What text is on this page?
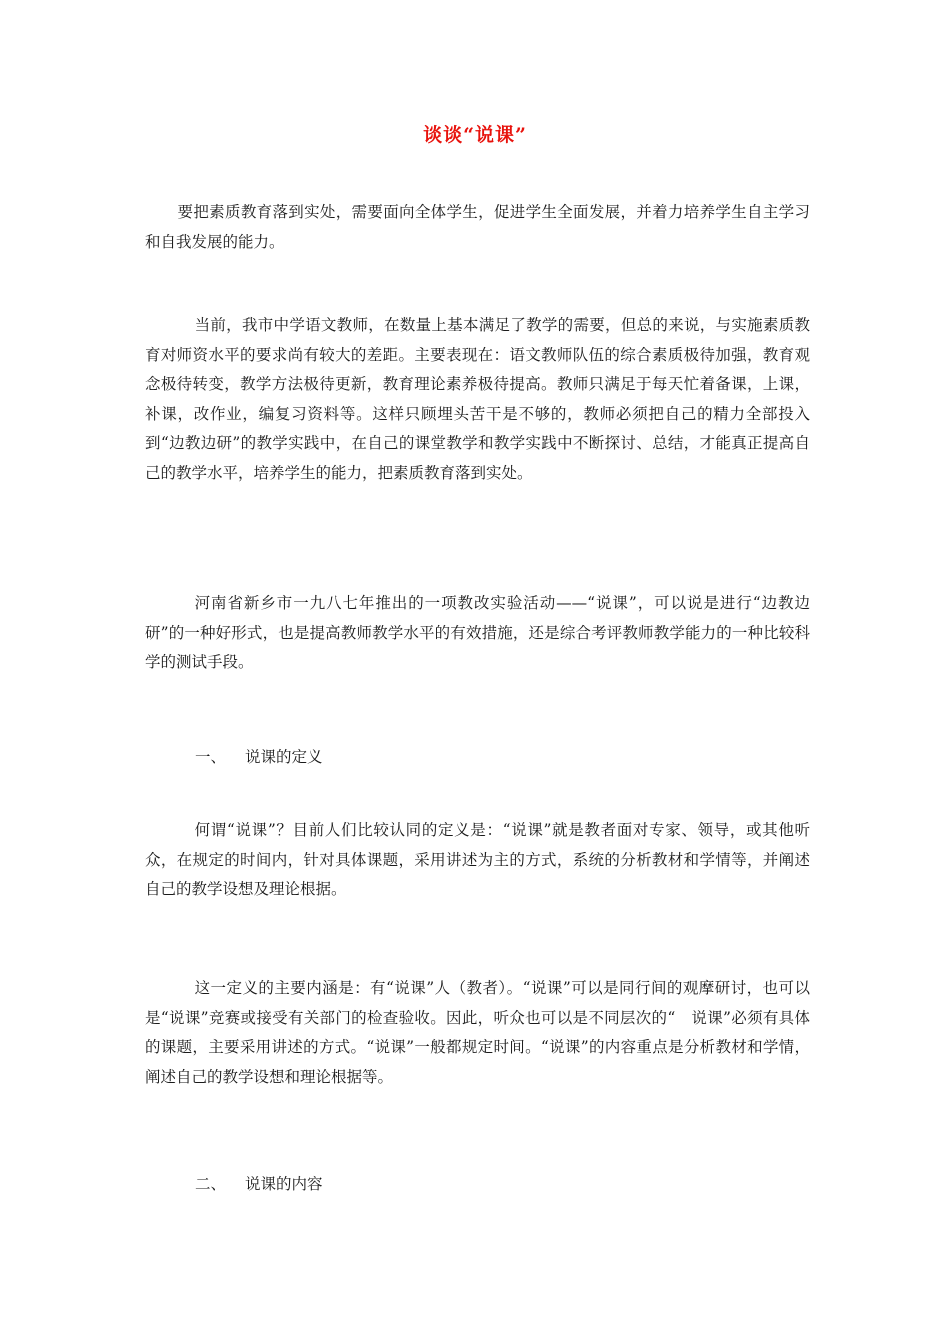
谈谈“说课”
要把素质教育落到实处，需要面向全体学生，促进学生全面发展，并着力培养学生自主学习和自我发展的能力。
当前，我市中学语文教师，在数量上基本满足了教学的需要，但总的来说，与实施素质教育对师资水平的要求尚有较大的差距。主要表现在：语文教师队伍的综合素质极待加强，教育观念极待转变，教学方法极待更新，教育理论素养极待提高。教师只满足于每天忙着备课，上课，补课，改作业，编复习资料等。这样只顾埋头苦干是不够的，教师必须把自己的精力全部投入到“边教边研”的教学实践中，在自己的课堂教学和教学实践中不断探讨、总结，才能真正提高自己的教学水平，培养学生的能力，把素质教育落到实处。
河南省新乡市一九八七年推出的一项教改实验活动——“说课”，可以说是进行“边教边研”的一种好形式，也是提高教师教学水平的有效措施，还是综合考评教师教学能力的一种比较科学的测试手段。
一、 说课的定义
何谓“说课”？目前人们比较认同的定义是：“说课”就是教者面对专家、领导，或其他听众，在规定的时间内，针对具体课题，采用讲述为主的方式，系统的分析教材和学情等，并阐述自己的教学设想及理论根据。
这一定义的主要内涵是：有“说课”人（教者）。“说课”可以是同行间的观摩研讨，也可以是“说课”竞赛或接受有关部门的检查验收。因此，听众也可以是不同层次的“　说课”必须有具体的课题，主要采用讲述的方式。“说课”一般都规定时间。“说课”的内容重点是分析教材和学情，阐述自己的教学设想和理论根据等。
二、 说课的内容
